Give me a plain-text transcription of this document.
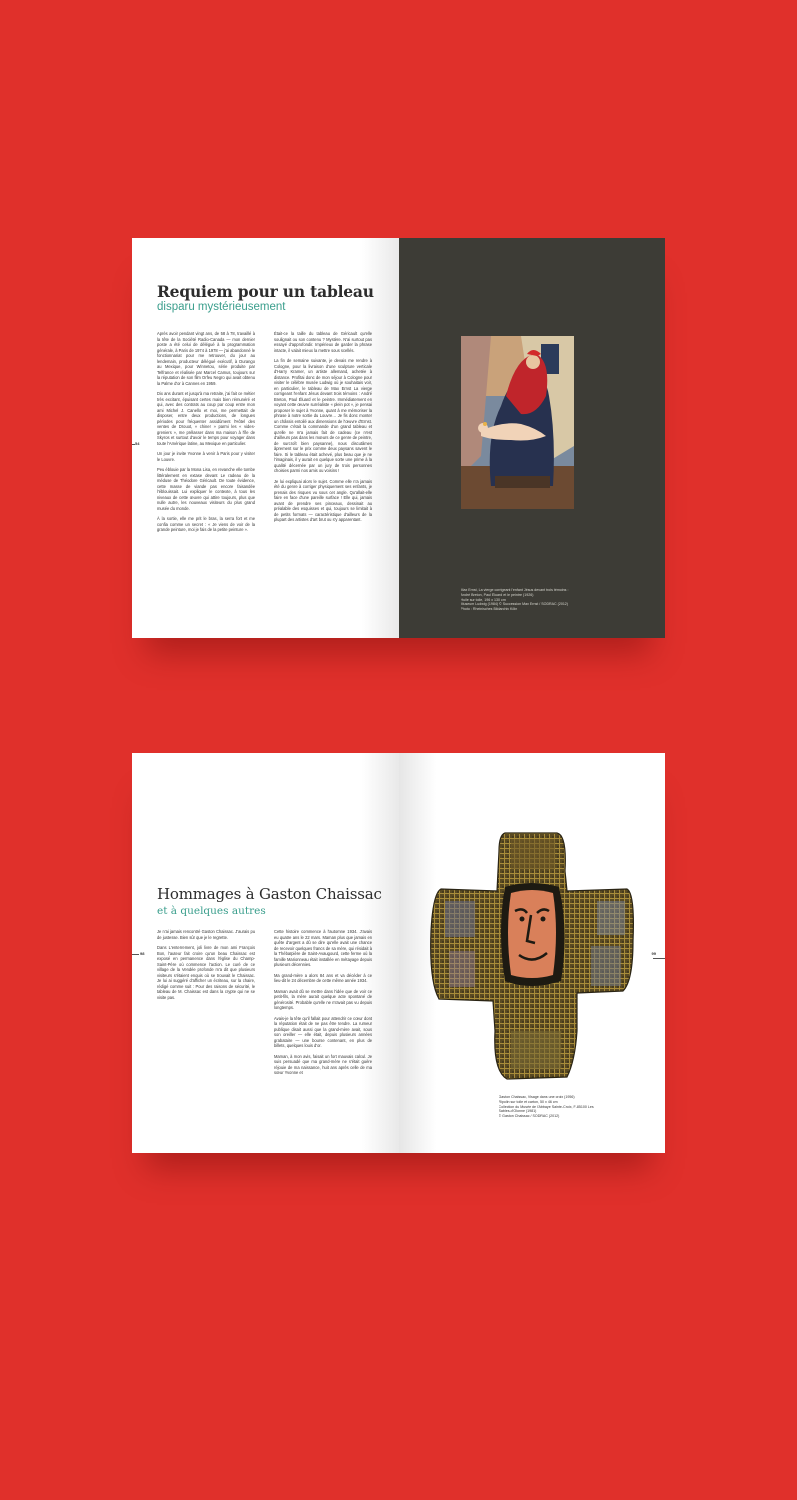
54
Requiem pour un tableau
disparu mystérieusement

Après avoir pendant vingt ans, de 58 à 78, travaillé à la tête de la Société Radio-Canada — mon dernier poste a été celui de délégué à la programmation générale, à Paris de 1974 à 1978 — j'ai abandonné le fonctionnariat pour me retrouver, du jour au lendemain, producteur délégué exécutif, à Durango au Mexique, pour Winnetou, série produite par Telfrance et réalisée par Marcel Camus, toujours sur la réputation de son film Orfeu Negro qui avait obtenu la Palme d'or à Cannes en 1959.

Dix ans durant et jusqu'à ma retraite, j'ai fait ce métier très excitant, épuisant certes mais bien rémunéré et qui, avec des contrats au coup par coup entre mon ami Michel J. Canello et moi, me permettait de disposer, entre deux productions, de longues périodes pour fréquenter assidûment l'Hôtel des ventes de Drouot, « chiner » parmi les « vides-greniers », me prélasser dans ma maison à l'île de Skyros et surtout d'avoir le temps pour voyager dans toute l'Amérique latine, au Mexique en particulier.

Un jour je invite Yvonne à venir à Paris pour y visiter le Louvre.

Peu éblouie par la Mona Lisa, en revanche elle tombe littéralement en extase devant Le radeau de la méduse de Théodore Géricault. De toute évidence, cette masse de viande pas encore faisandée l'éblouissait. Lui expliquer le contexte, à tous les niveaux de cette œuvre qui attire toujours, plus que nulle autre, les nouveaux visiteurs du plus grand musée du monde.

À la sortie, elle me prit le bras, la serra fort et me confia comme un secret : « Je viens de voir de la grande peinture, moi je fais de la petite peinture ».

Était-ce la taille du tableau de Géricault qu'elle soulignait ou son contenu ? Mystère. N'ai surtout pas essayé d'approfondir. Impérieux de garder la phrase intacte, il valait mieux la mettre sous scellés.

La fin de semaine suivante, je devais me rendre à Cologne, pour la livraison d'une sculpture verticale d'Harry Kramer, un artiste allemand, achetée à distance. Profitai donc de mon séjour à Cologne pour visiter le célèbre musée Ludwig où je souhaitais voir, en particulier, le tableau de Max Ernst La vierge corrigeant l'enfant Jésus devant trois témoins : André Breton, Paul Éluard et le peintre. Immédiatement en voyant cette œuvre surréaliste « plein pot », je pensai proposer le sujet à Yvonne, quant à me mémoriser la phrase à notre sortie du Louvre… Je fis donc monter un châssis entoilé aux dimensions de l'œuvre d'Ernst. Comme c'était la commande d'un grand tableau et qu'elle ne m'a jamais fait de cadeau (ce n'est d'ailleurs pas dans les mœurs de ce genre de peintre, de surcroît bien paysanne), nous discutâmes âprement sur le prix comme deux paysans savent le faire. Si le tableau était achevé, plus beau que je ne l'imaginais, il y aurait en quelque sorte une prime à la qualité décernée par un jury de trois personnes choisies parmi nos amis ou voisins !

Je lui expliquai alors le sujet. Comme elle n'a jamais été du genre à corriger physiquement ses enfants, je prenais des risques vu sous cet angle. Qu'allait-elle faire en face d'une pareille surface ! Elle qui, jamais avant de prendre ses pinceaux, dessinait au préalable des esquisses et qui, toujours se limitait à de petits formats — caractéristique d'ailleurs de la plupart des artistes d'art brut ou s'y apparentant.

Max Ernst, La vierge corrigeant l'enfant Jésus devant trois témoins :
André Breton, Paul Éluard et le peintre (1926)
Huile sur toile, 196 x 130 cm
Museum Ludwig (1984) © Succession Max Ernst / SODRAC (2012)
Photo : Rheinisches Bildarchiv Köln
98
Hommages à Gaston Chaissac
et à quelques autres

Je n'ai jamais rencontré Gaston Chaissac. J'aurais pu de justesse. Bien sûr que je le regrette.

Dans L'enterrement, joli livre de mon ami François Bon, l'auteur fait croire qu'un beau Chaissac est exposé en permanence dans l'église du Champ-Saint-Père où commence l'action. Le curé de ce village de la Vendée profonde m'a dit que plusieurs visiteurs s'étaient enquis où se trouvait le Chaissac. Je lui ai suggéré d'afficher un écriteau, sur la chaire, rédigé comme suit : Pour des raisons de sécurité, le tableau de M. Chaissac est dans la crypte qui ne se visite pas.

Cette histoire commence à l'automne 1934. J'avais eu quatre ans le 22 mars. Maman plus que jamais en quête d'argent a dû se dire qu'elle avait une chance de recevoir quelques francs de sa mère, qui résidait à la Thébaïpière de Saint-Avaugourd, cette ferme où la famille Marionneau était installée en métayage depuis plusieurs décennies.

Ma grand-mère a alors 84 ans et va décéder à ce lieu-dit le 24 décembre de cette même année 1934.

Maman avait dû se mettre dans l'idée que de voir ce petit-fils, la mère aurait quelque acte spontané de générosité. Probable qu'elle ne m'avait pas vu depuis longtemps.

Avais-je la tête qu'il fallait pour attendrir ce cœur dont la réputation était de ne pas être tendre. La rumeur publique disait aussi que la grand-mère avait, sous son oreiller — elle était, depuis plusieurs années grabataire — une bourse contenant, en plus de billets, quelques louis d'or.

Maman, à mon avis, faisait un fort mauvais calcul. Je suis persuadé que ma grand-mère ne s'était guère réjouie de ma naissance, huit ans après celle de ma sœur Yvonne et

99
Gaston Chaissac, Visage dans une croix (1956)
Ripolin sur toile et carton, 50 x 46 cm
Collection du Musée de l'Abbaye Sainte-Croix, F-85100 Les
Sables-d'Olonne (1981)
© Gaston Chaissac / SODRAC (2012)
